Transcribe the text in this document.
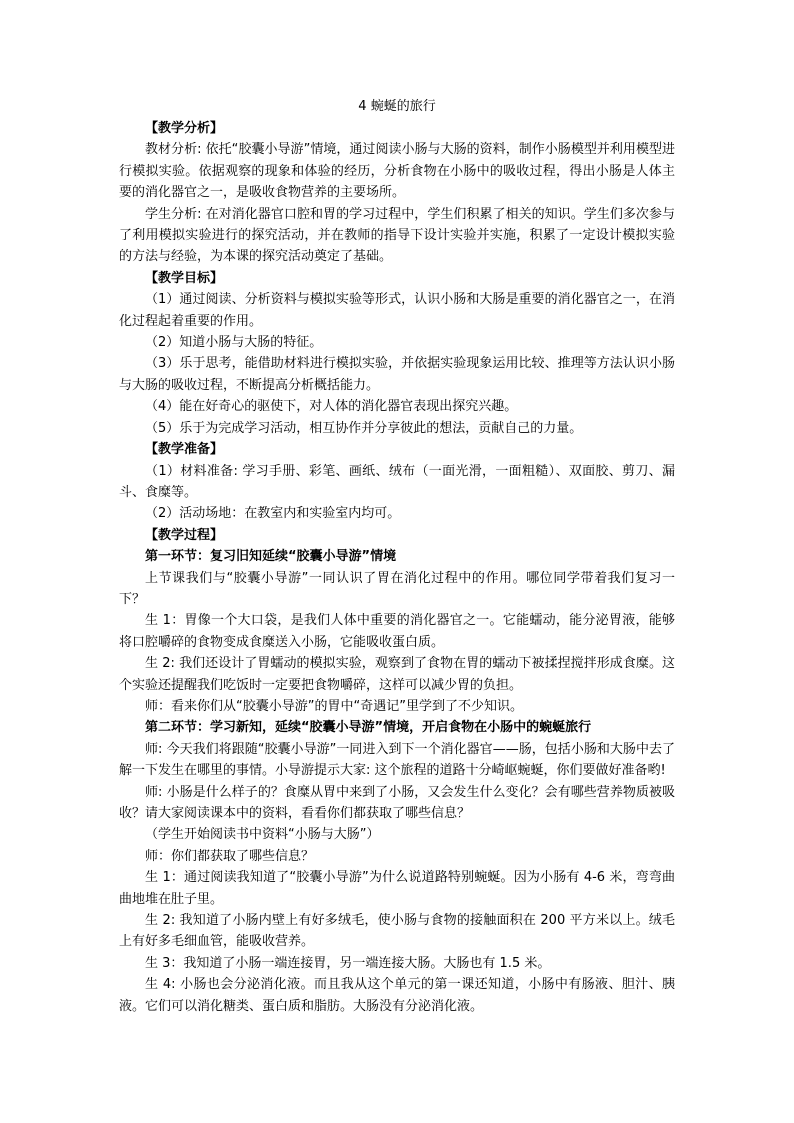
4 蜿蜒的旅行

【教学分析】

教材分析: 依托“胶囊小导游”情境，通过阅读小肠与大肠的资料，制作小肠模型并利用模型进行模拟实验。依据观察的现象和体验的经历，分析食物在小肠中的吸收过程，得出小肠是人体主要的消化器官之一，是吸收食物营养的主要场所。

学生分析: 在对消化器官口腔和胃的学习过程中，学生们积累了相关的知识。学生们多次参与了利用模拟实验进行的探究活动，并在教师的指导下设计实验并实施，积累了一定设计模拟实验的方法与经验，为本课的探究活动奠定了基础。

【教学目标】

（1）通过阅读、分析资料与模拟实验等形式，认识小肠和大肠是重要的消化器官之一，在消化过程起着重要的作用。

（2）知道小肠与大肠的特征。

（3）乐于思考，能借助材料进行模拟实验，并依据实验现象运用比较、推理等方法认识小肠与大肠的吸收过程，不断提高分析概括能力。

（4）能在好奇心的驱使下，对人体的消化器官表现出探究兴趣。

（5）乐于为完成学习活动，相互协作并分享彼此的想法，贡献自己的力量。

【教学准备】

（1）材料准备: 学习手册、彩笔、画纸、绒布（一面光滑，一面粗糙）、双面胶、剪刀、漏斗、食糜等。

（2）活动场地：在教室内和实验室内均可。

【教学过程】

第一环节：复习旧知延续“胶囊小导游”情境

上节课我们与“胶囊小导游”一同认识了胃在消化过程中的作用。哪位同学带着我们复习一下？

生 1：胃像一个大口袋，是我们人体中重要的消化器官之一。它能蠕动，能分泌胃液，能够将口腔嚼碎的食物变成食糜送入小肠，它能吸收蛋白质。

生 2: 我们还设计了胃蠕动的模拟实验，观察到了食物在胃的蠕动下被揉捏搅拌形成食糜。这个实验还提醒我们吃饭时一定要把食物嚼碎，这样可以减少胃的负担。

师：看来你们从“胶囊小导游”的胃中“奇遇记”里学到了不少知识。

第二环节：学习新知，延续“胶囊小导游”情境，开启食物在小肠中的蜿蜒旅行

师: 今天我们将跟随“胶囊小导游”一同进入到下一个消化器官——肠，包括小肠和大肠中去了解一下发生在哪里的事情。小导游提示大家: 这个旅程的道路十分崎岖蜿蜒，你们要做好准备哟!

师: 小肠是什么样子的？食糜从胃中来到了小肠，又会发生什么变化？会有哪些营养物质被吸收？请大家阅读课本中的资料，看看你们都获取了哪些信息？

（学生开始阅读书中资料“小肠与大肠”）

师：你们都获取了哪些信息？

生 1：通过阅读我知道了“胶囊小导游”为什么说道路特别蜿蜒。因为小肠有 4-6 米，弯弯曲曲地堆在肚子里。

生 2: 我知道了小肠内壁上有好多绒毛，使小肠与食物的接触面积在 200 平方米以上。绒毛上有好多毛细血管，能吸收营养。

生 3：我知道了小肠一端连接胃，另一端连接大肠。大肠也有 1.5 米。

生 4: 小肠也会分泌消化液。而且我从这个单元的第一课还知道，小肠中有肠液、胆汁、胰液。它们可以消化糖类、蛋白质和脂肪。大肠没有分泌消化液。
